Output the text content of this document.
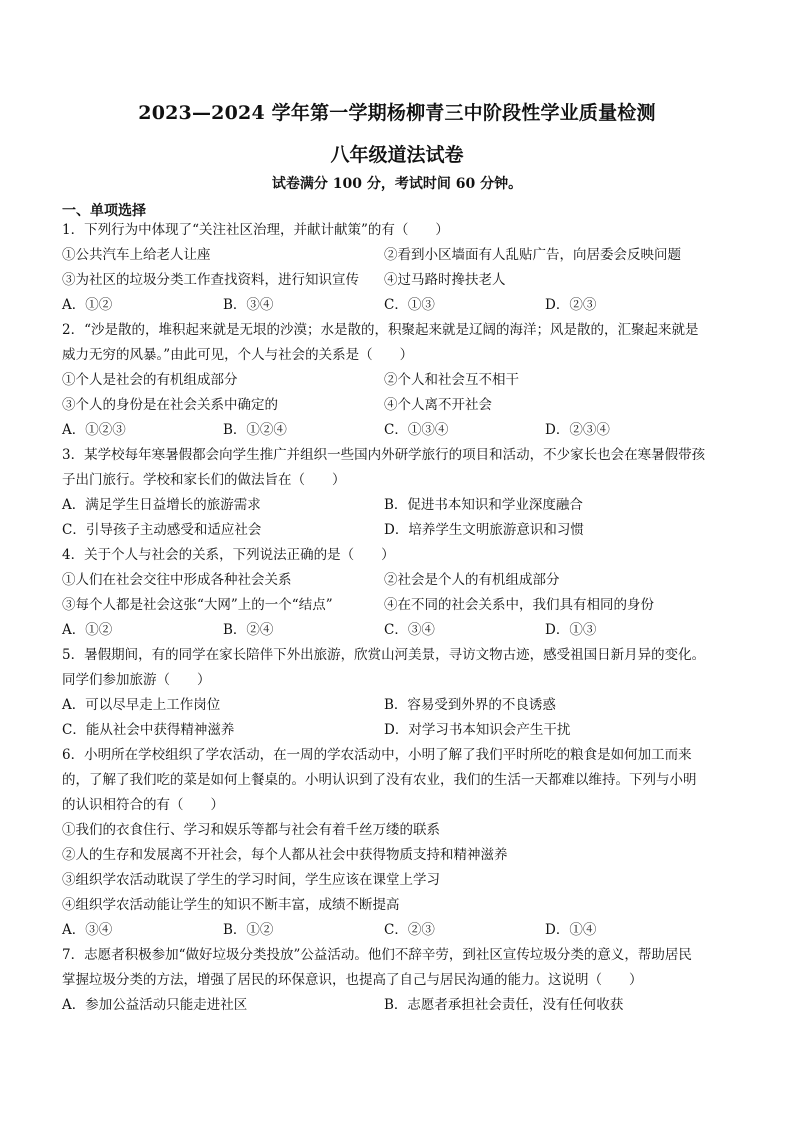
2023—2024 学年第一学期杨柳青三中阶段性学业质量检测
八年级道法试卷
试卷满分 100 分，考试时间 60 分钟。
一、单项选择
1．下列行为中体现了“关注社区治理，并献计献策”的有（　　）
①公共汽车上给老人让座	②看到小区墙面有人乱贴广告，向居委会反映问题
③为社区的垃圾分类工作查找资料，进行知识宣传	④过马路时搀扶老人
A．①②	B．③④	C．①③	D．②③
2．“沙是散的，堆积起来就是无垠的沙漠；水是散的，积聚起来就是辽阔的海洋；风是散的，汇聚起来就是
威力无穷的风暴。”由此可见，个人与社会的关系是（　　）
①个人是社会的有机组成部分	②个人和社会互不相干
③个人的身份是在社会关系中确定的	④个人离不开社会
A．①②③	B．①②④	C．①③④	D．②③④
3．某学校每年寒暑假都会向学生推广并组织一些国内外研学旅行的项目和活动，不少家长也会在寒暑假带孩
子出门旅行。学校和家长们的做法旨在（　　）
A．满足学生日益增长的旅游需求	B．促进书本知识和学业深度融合
C．引导孩子主动感受和适应社会	D．培养学生文明旅游意识和习惯
4．关于个人与社会的关系，下列说法正确的是（　　）
①人们在社会交往中形成各种社会关系	②社会是个人的有机组成部分
③每个人都是社会这张“大网”上的一个“结点”	④在不同的社会关系中，我们具有相同的身份
A．①②	B．②④	C．③④	D．①③
5．暑假期间，有的同学在家长陪伴下外出旅游，欣赏山河美景，寻访文物古迹，感受祖国日新月异的变化。
同学们参加旅游（　　）
A．可以尽早走上工作岗位	B．容易受到外界的不良诱惑
C．能从社会中获得精神滋养	D．对学习书本知识会产生干扰
6．小明所在学校组织了学农活动，在一周的学农活动中，小明了解了我们平时所吃的粮食是如何加工而来
的，了解了我们吃的菜是如何上餐桌的。小明认识到了没有农业，我们的生活一天都难以维持。下列与小明
的认识相符合的有（　　）
①我们的衣食住行、学习和娱乐等都与社会有着千丝万缕的联系
②人的生存和发展离不开社会，每个人都从社会中获得物质支持和精神滋养
③组织学农活动耽误了学生的学习时间，学生应该在课堂上学习
④组织学农活动能让学生的知识不断丰富，成绩不断提高
A．③④	B．①②	C．②③	D．①④
7．志愿者积极参加“做好垃圾分类投放”公益活动。他们不辞辛劳，到社区宣传垃圾分类的意义，帮助居民
掌握垃圾分类的方法，增强了居民的环保意识，也提高了自己与居民沟通的能力。这说明（　　）
A．参加公益活动只能走进社区	B．志愿者承担社会责任，没有任何收获
